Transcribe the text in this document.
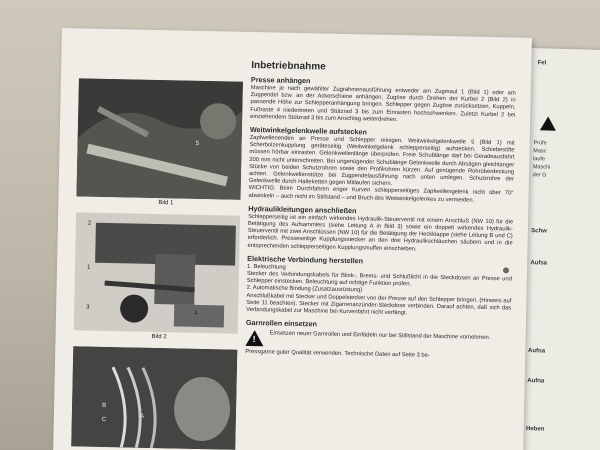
Fel
Prüfe
Masc
laufe
Maschi
der G
Schw
Aufsa
Aufna
Aufna
Heben
5
Bild 1
2
1
3
4
Bild 2
B
C
A
Inbetriebnahme
Presse anhängen

Maschine je nach gewählter Zugrahmenausführung entweder am Zugmaul 1 (Bild 1) oder am Zugpendel bzw. an der Ackerschiene anhängen; Zugöse durch Drehen der Kurbel 2 (Bild 2) in passende Höhe zur Schlepperanhängung bringen. Schlepper gegen Zugöse zurücksetzen, Kuppeln, Fußraste 4 niedertreten und Stützrad 3 bis zum Einrasten hochschwenken. Zuletzt Kurbel 2 bei einziehendem Stützrad 3 bis zum Anschlag weiterdrehen.

Weitwinkelgelenkwelle aufstecken

Zapfwellenenden an Presse und Schlepper reinigen. Weitwinkelgelenkwelle 5 (Bild 1) mit Scherbolzenkupplung geräteseitig (Weitwinkelgelenk schlepperseitig) aufstecken. Schiebestifte müssen hörbar einrasten. Gelenkwellenlänge überprüfen. Freie Schublänge darf bei Geradeausfahrt 200 mm nicht unterschreiten. Bei ungenügender Schublänge Gelenkwelle durch Absägen gleichlanger Stücke von beiden Schutzrohren sowie den Profilrohren kürzen. Auf genügende Rohrüberdeckung achten. Gelenkwellenstütze bei Zugpendelausführung nach unten umlegen. Schutzrohre der Gelenkwelle durch Halteketten gegen Mitlaufen sichern.

WICHTIG: Beim Durchfahren enger Kurven schlepperseitiges Zapfwellengelenk nicht über 70° abwinkeln – auch nicht im Stillstand – und Bruch des Weitwinkelgelenkes zu vermeiden.

Hydraulikleitungen anschließen

Schlepperseitig ist ein einfach wirkendes Hydraulik-Steuerventil mit einem Anschluß (NW 10) für die Betätigung des Aufsammlers (siehe Leitung A in Bild 3) sowie ein doppelt wirkendes Hydraulik-Steuerventil mit zwei Anschlüssen (NW 10) für die Betätigung der Heckklappe (siehe Leitung B und C) erforderlich. Presseseitige Kupplungsstecker an den drei Hydraulikschläuchen säubern und in die entsprechenden schlepperseitigen Kupplungsmuffen einschieben.

Elektrische Verbindung herstellen

1. Beleuchtung
Stecker des Verbindungskabels für Blink-, Brems- und Schlußlicht in die Steckdosen an Presse und Schlepper einstecken. Beleuchtung auf richtige Funktion prüfen.
2. Automatische Bindung (Zusatzausrüstung)
Anschlußkabel mit Stecker und Doppelstecker von der Presse auf den Schlepper bringen. (Hinweis auf Seite 11 beachten). Stecker mit Zigarrenanzünder-Steckdose verbinden. Darauf achten, daß sich das Verbindungskabel zur Maschine bei Kurvenfahrt nicht verfängt.

Garnrollen einsetzen
! Einsetzen neuer Garnrollen und Einfädeln nur bei Stillstand der Maschine vornehmen.

Pressgarne guter Qualität verwenden. Technische Daten auf Seite 3 be-
